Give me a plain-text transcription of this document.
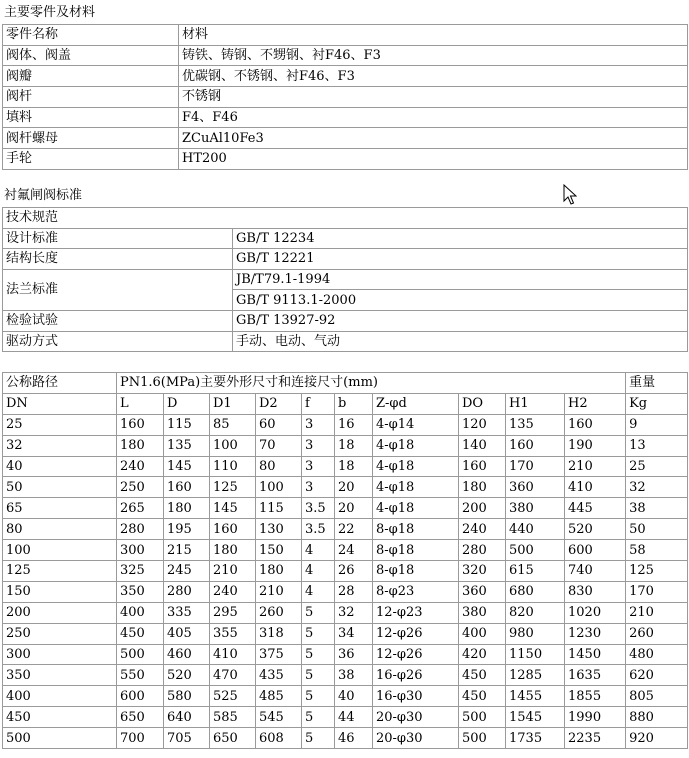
主要零件及材料
零件名称	材料
阀体、阀盖	铸铁、铸钢、不甥钢、衬F46、F3
阀瓣	优碳钢、不锈钢、衬F46、F3
阀杆	不锈钢
填料	F4、F46
阀杆螺母	ZCuAl10Fe3
手轮	HT200
衬氟闸阀标准
技术规范	
设计标准	GB/T 12234
结构长度	GB/T 12221
法兰标准	JB/T79.1-1994
	GB/T 9113.1-2000
检验试验	GB/T 13927-92
驱动方式	手动、电动、气动
公称路径	PN1.6(MPa)主要外形尺寸和连接尺寸(mm)										重量
DN	L	D	D1	D2	f	b	Z-φd	DO	H1	H2	Kg
25	160	115	85	60	3	16	4-φ14	120	135	160	9
32	180	135	100	70	3	18	4-φ18	140	160	190	13
40	240	145	110	80	3	18	4-φ18	160	170	210	25
50	250	160	125	100	3	20	4-φ18	180	360	410	32
65	265	180	145	115	3.5	20	4-φ18	200	380	445	38
80	280	195	160	130	3.5	22	8-φ18	240	440	520	50
100	300	215	180	150	4	24	8-φ18	280	500	600	58
125	325	245	210	180	4	26	8-φ18	320	615	740	125
150	350	280	240	210	4	28	8-φ23	360	680	830	170
200	400	335	295	260	5	32	12-φ23	380	820	1020	210
250	450	405	355	318	5	34	12-φ26	400	980	1230	260
300	500	460	410	375	5	36	12-φ26	420	1150	1450	480
350	550	520	470	435	5	38	16-φ26	450	1285	1635	620
400	600	580	525	485	5	40	16-φ30	450	1455	1855	805
450	650	640	585	545	5	44	20-φ30	500	1545	1990	880
500	700	705	650	608	5	46	20-φ30	500	1735	2235	920
